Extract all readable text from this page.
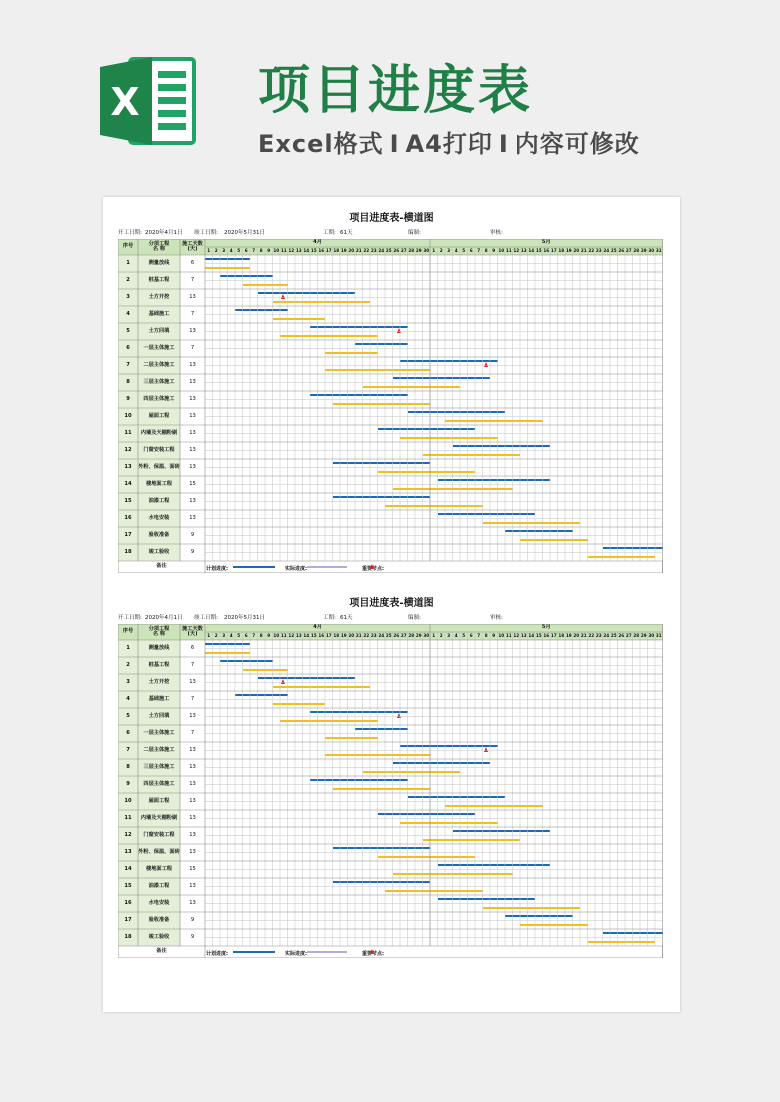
X 项目进度表
Excel格式 I A4打印 I 内容可修改
项目进度表-横道图
开工日期: 2020年4月1日 竣工日期: 2020年5月31日	工期: 61天	编制:	审核:
序号	分项工程
名 称
施工天数
(天)
4月
1	2	3	4	5	6	7	8	9 10 11 12 13 14 15 16 17 18 19 20 21 22 23 24 25 26 27 28 29 30
5月
1	2	3	4	5	6	7	8	9 10 11 12 13 14 15 16 17 18 19 20 21 22 23 24 25 26 27 28 29 30 31
1	测量放线	6
2	桩基工程	7
3	土方开挖	13
4	基础施工	7
5	土方回填	13
6	一层主体施工	7
7	二层主体施工	13
8	三层主体施工	13
9	四层主体施工	13
10	屋面工程	13
11	内墙及天棚粉刷	13
12	门窗安装工程	13
13	外粉、保温、面砖	13
14	楼地面工程	15
15	油漆工程	13
16	水电安装	13
17	验收准备	9
18	竣工验收	9
备注	计划进度:	实际进度:	重要节点:
项目进度表-横道图
开工日期: 2020年4月1日 竣工日期: 2020年5月31日	工期: 61天	编制:	审核:
序号	分项工程
名 称
施工天数
(天)
4月
1	2	3	4	5	6	7	8	9 10 11 12 13 14 15 16 17 18 19 20 21 22 23 24 25 26 27 28 29 30
5月
1	2	3	4	5	6	7	8	9 10 11 12 13 14 15 16 17 18 19 20 21 22 23 24 25 26 27 28 29 30 31
1	测量放线	6
2	桩基工程	7
3	土方开挖	13
4	基础施工	7
5	土方回填	13
6	一层主体施工	7
7	二层主体施工	13
8	三层主体施工	13
9	四层主体施工	13
10	屋面工程	13
11	内墙及天棚粉刷	13
12	门窗安装工程	13
13	外粉、保温、面砖	13
14	楼地面工程	15
15	油漆工程	13
16	水电安装	13
17	验收准备	9
18	竣工验收	9
备注	计划进度:	实际进度:	重要节点:
